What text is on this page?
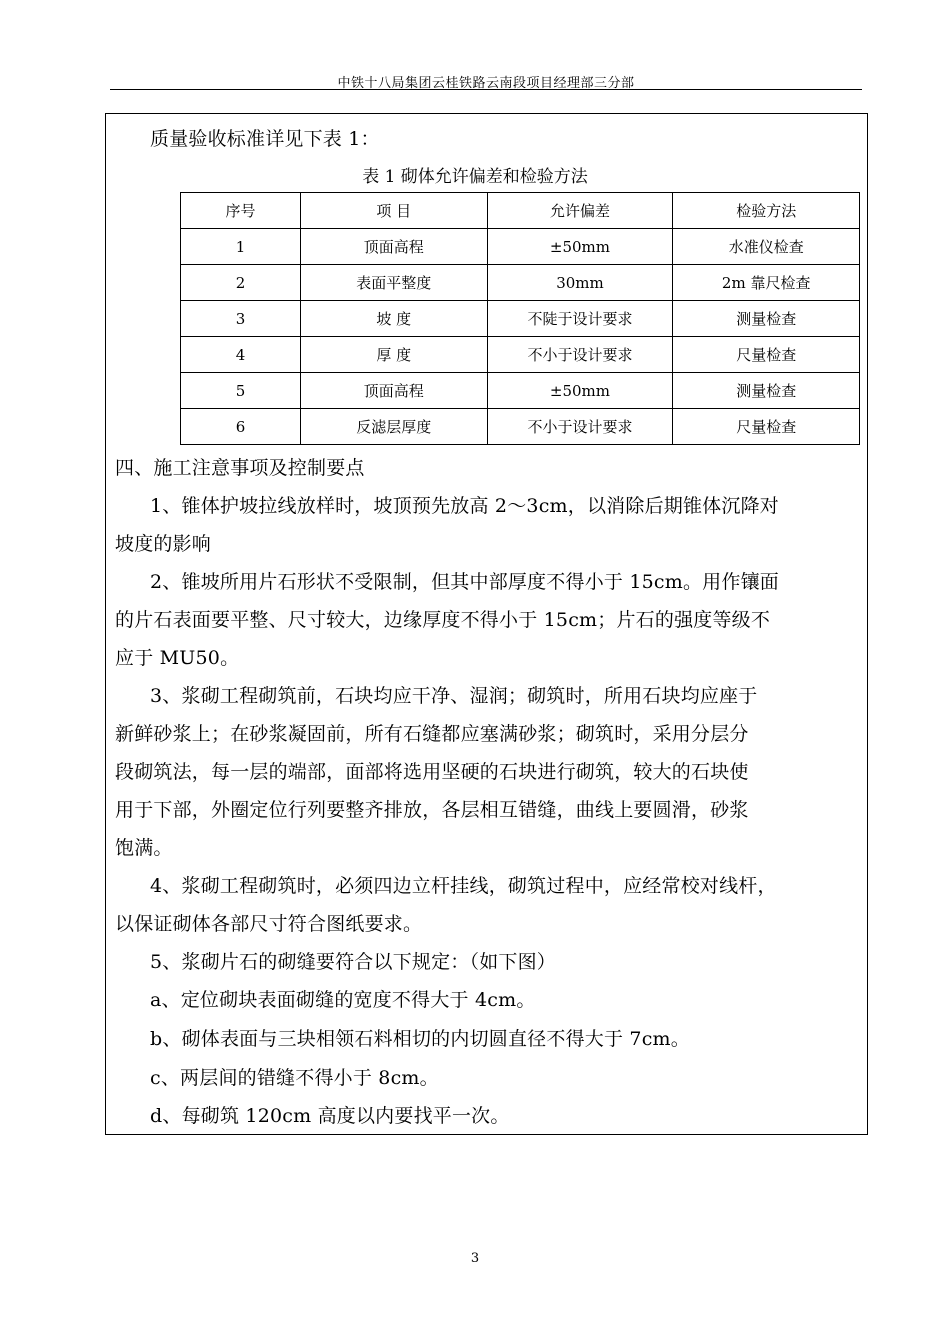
中铁十八局集团云桂铁路云南段项目经理部三分部
质量验收标准详见下表 1：
表 1 砌体允许偏差和检验方法
序号	项 目	允许偏差	检验方法
1	顶面高程	±50mm	水准仪检查
2	表面平整度	30mm	2m 靠尺检查
3	坡 度	不陡于设计要求	测量检查
4	厚 度	不小于设计要求	尺量检查
5	顶面高程	±50mm	测量检查
6	反滤层厚度	不小于设计要求	尺量检查
四、施工注意事项及控制要点
1、锥体护坡拉线放样时，坡顶预先放高 2～3cm，以消除后期锥体沉降对
坡度的影响
2、锥坡所用片石形状不受限制，但其中部厚度不得小于 15cm。用作镶面
的片石表面要平整、尺寸较大，边缘厚度不得小于 15cm；片石的强度等级不
应于 MU50。
3、浆砌工程砌筑前，石块均应干净、湿润；砌筑时，所用石块均应座于
新鲜砂浆上；在砂浆凝固前，所有石缝都应塞满砂浆；砌筑时，采用分层分
段砌筑法，每一层的端部，面部将选用坚硬的石块进行砌筑，较大的石块使
用于下部，外圈定位行列要整齐排放，各层相互错缝，曲线上要圆滑，砂浆
饱满。
4、浆砌工程砌筑时，必须四边立杆挂线，砌筑过程中，应经常校对线杆，
以保证砌体各部尺寸符合图纸要求。
5、浆砌片石的砌缝要符合以下规定：（如下图）
a、定位砌块表面砌缝的宽度不得大于 4cm。
b、砌体表面与三块相领石料相切的内切圆直径不得大于 7cm。
c、两层间的错缝不得小于 8cm。
d、每砌筑 120cm 高度以内要找平一次。
3
